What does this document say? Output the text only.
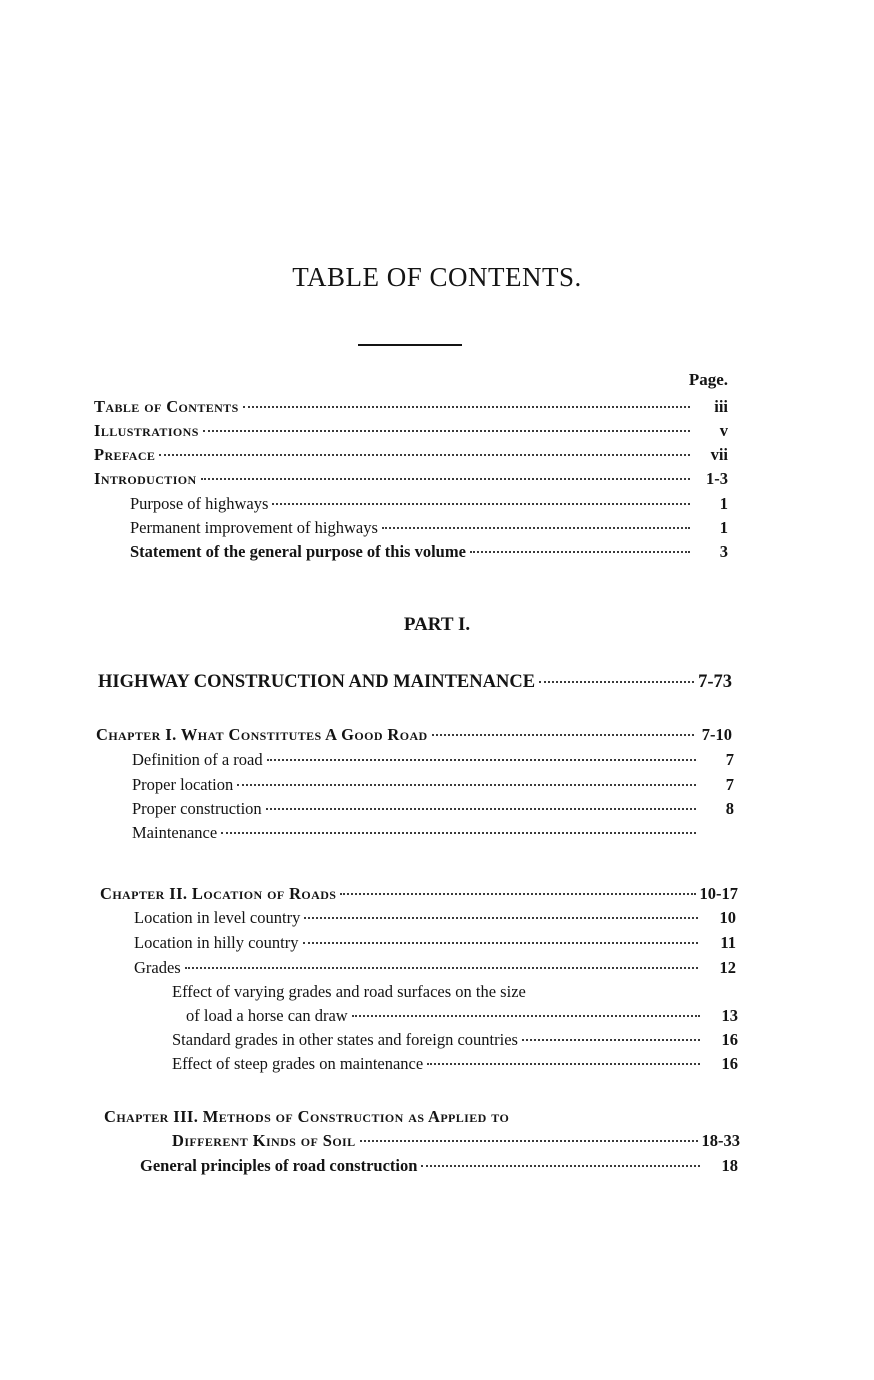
TABLE OF CONTENTS.
Page.
Table of Contents	iii
Illustrations	v
Preface	vii
Introduction	1-3
Purpose of highways	1
Permanent improvement of highways	1
Statement of the general purpose of this volume	3
PART I.
HIGHWAY CONSTRUCTION AND MAINTENANCE	7-73
Chapter I. What Constitutes A Good Road	7-10
Definition of a road	7
Proper location	7
Proper construction	8
Maintenance
Chapter II. Location of Roads	10-17
Location in level country	10
Location in hilly country	11
Grades	12
Effect of varying grades and road surfaces on the size
of load a horse can draw	13
Standard grades in other states and foreign countries	16
Effect of steep grades on maintenance	16
Chapter III. Methods of Construction as Applied to
Different Kinds of Soil	18-33
General principles of road construction	18
